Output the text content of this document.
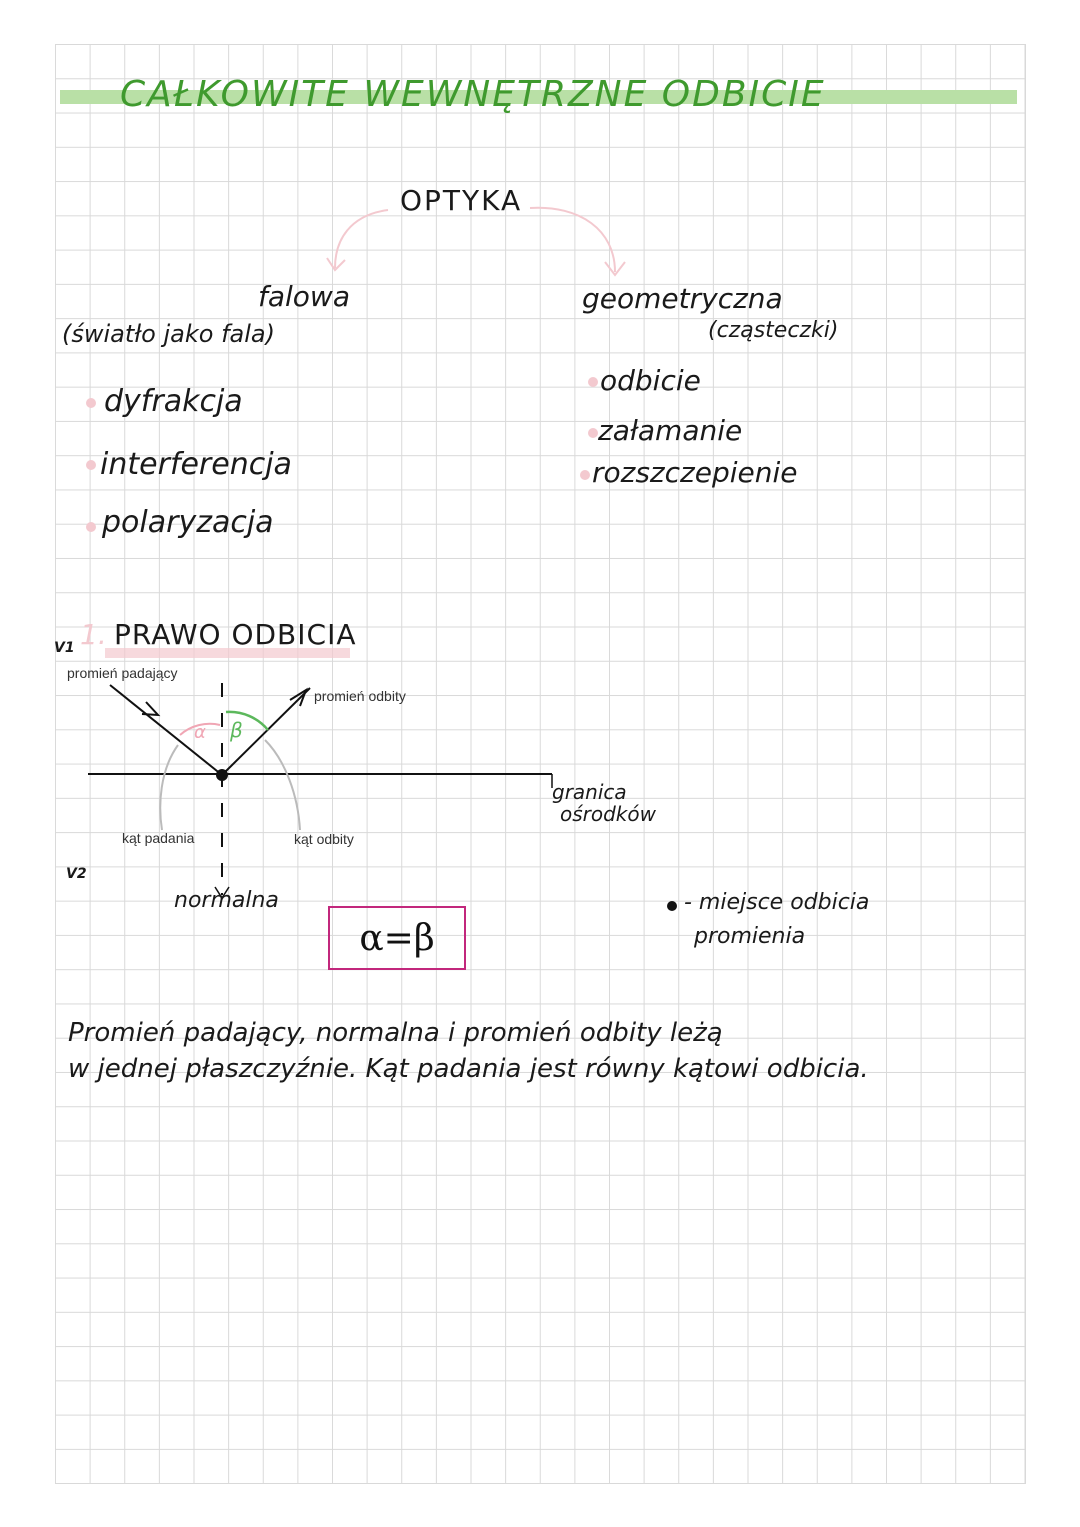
CAŁKOWITE WEWNĘTRZNE ODBICIE
OPTYKA
falowa
(światło jako fala)
dyfrakcja
interferencja
polaryzacja
geometryczna
(cząsteczki)
odbicie
załamanie
rozszczepienie
1. PRAWO ODBICIA
V1
V2
promień padający
promień odbity
α β
kąt padania	kąt odbity
normalna
granica
ośrodków
α=β
- miejsce odbicia
promienia
Promień padający, normalna i promień odbity leżą
w jednej płaszczyźnie. Kąt padania jest równy kątowi odbicia.
